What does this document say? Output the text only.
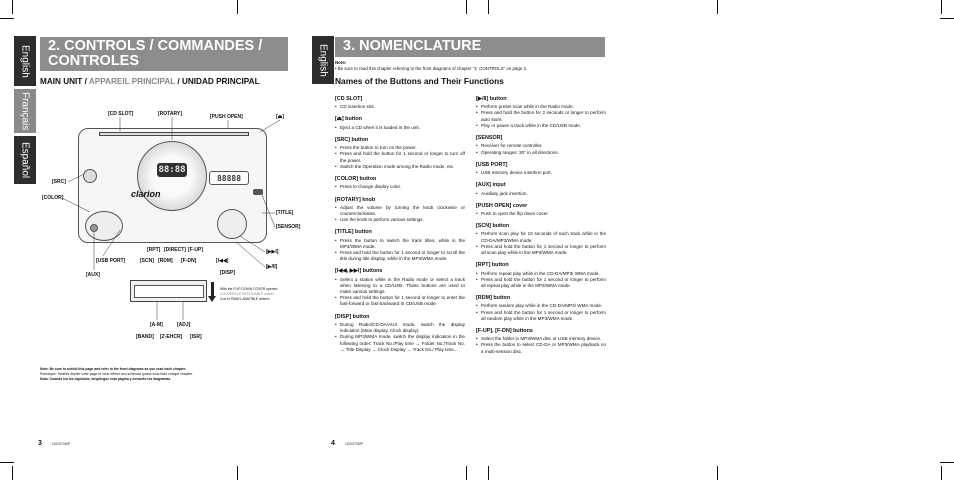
English
Français
Español
2. CONTROLS / COMMANDES / CONTROLES
MAIN UNIT / APPAREIL PRINCIPAL / UNIDAD PRINCIPAL
88:88
88888
clarion
With the FLIP DOWN COVER opened
COUVERCLE RECLINABLE ouvert
Con el PANEL ABATIBLE abierto
[CD SLOT]	[ROTARY]	[PUSH OPEN]	[⏏]
[SRC]
[COLOR]
[TITLE]
[SENSOR]
[▶▶I]
[▶/II]
[RPT] [DIRECT] [F-UP]
[USB PORT]	[SCN] [RDM] [F-DN]	[I◀◀]
[DISP]
[AUX]
[A-M]	[ADJ]
[BAND] [Z-EHCR] [ISR]
Note: Be sure to unfold this page and refer to the front diagrams as you read each chapter.
Remarque: Veuillez déplier cette page et vous référer aux schémas quand vous lisez chaque chapitre.
Nota: Cuando lea los capítulos, despliegue esta página y consulte los diagramas.
3	UD0370MP
English	3. NOMENCLATURE
Note:
• Be sure to read this chapter referring to the front diagrams of chapter "2. CONTROLS" on page 3.
Names of the Buttons and Their Functions
[CD SLOT]
• CD insertion slot.
[⏏] button
• Eject a CD when it is loaded in the unit.
[SRC] button
• Press the button to turn on the power.
• Press and hold the button for 1 second or longer to turn off the power.
• Switch the Operation mode among the Radio mode, etc.
[COLOR] button
• Press to change display color.
[ROTARY] knob
• Adjust the volume by turning the knob clockwise or counterclockwise.
• Use the knob to perform various settings.
[TITLE] button
• Press the button to switch the track titles, while in the MP3/WMA mode.
• Press and hold the button for 1 second or longer to scroll the title during title display, while in the MP3/WMA mode.
[I◀◀, ▶▶I] buttons
• Select a station while in the Radio mode or select a track when listening to a CD/USB. These buttons are used to make various settings.
• Press and hold the button for 1 second or longer to enter the fast-forward or fast-backward in CD/USB mode.
[DISP] button
• During Radio/CD-DA/AUX mode, switch the display indication (Main display, Clock display).
• During MP3/WMA mode, switch the display indication in the following order: Track No./Play time → Folder No./Track No. → Title Display → Clock Display → Track No./ Play time...
[▶/II] button
• Perform preset scan while in the Radio mode.
• Press and hold the button for 2 seconds or longer to perform auto store.
• Play or pause a track while in the CD/USB mode.
[SENSOR]
• Receiver for remote controller.
• Operating ranges: 30° in all directions.
[USB PORT]
• USB memory device insertion port.
[AUX] input
• Auxiliary jack insertion.
[PUSH OPEN] cover
• Push to open the flip down cover.
[SCN] button
• Perform scan play for 10 seconds of each track while in the CD-DA/MP3/WMA mode.
• Press and hold the button for 1 second or longer to perform all scan play while in the MP3/WMA mode.
[RPT] button
• Perform repeat play while in the CD-DA/MP3/ WMA mode.
• Press and hold the button for 1 second or longer to perform all repeat play while in the MP3/WMA mode.
[RDM] button
• Perform random play while in the CD-DA/MP3/ WMA mode.
• Press and hold the button for 1 second or longer to perform all random play while in the MP3/WMA mode.
[F-UP], [F-DN] buttons
• Select the folder in MP3/WMA disc or USB memory device.
• Press the button to select CD-DA or MP3/WMA playback on a multi-session disc.
4	UD0370MP
